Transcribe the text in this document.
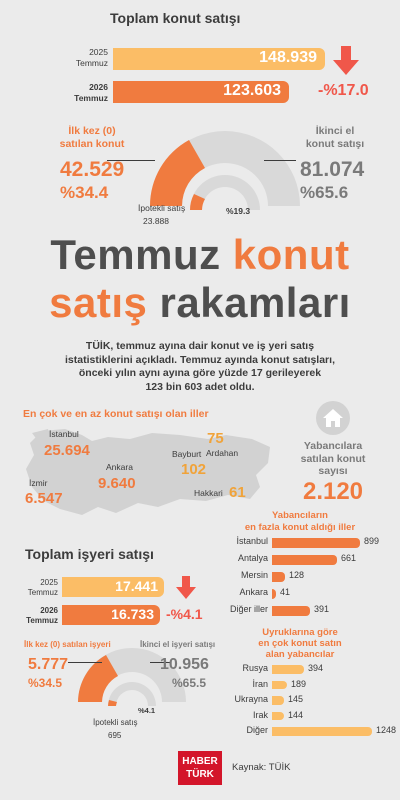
Toplam konut satışı
2025
Temmuz	148.939
2026
Temmuz	123.603 -%17.0
İlk kez (0)
satılan konut
42.529
%34.4
İkinci el
konut satışı
81.074
%65.6
İpotekli satış
23.888
%19.3
Temmuz konut
satış rakamları
TÜİK, temmuz ayına dair konut ve iş yeri satış
istatistiklerini açıkladı. Temmuz ayında konut satışları,
önceki yılın aynı ayına göre yüzde 17 gerileyerek
123 bin 603 adet oldu.
En çok ve en az konut satışı olan iller
İstanbul
25.694
Ankara
9.640
İzmir
6.547
75
Ardahan
Bayburt
102
Hakkari 61
Yabancılara
satılan konut
sayısı
2.120
Yabancıların
en fazla konut aldığı iller
İstanbul	899
Antalya	661
Mersin 128
Ankara 41
Diğer iller	391
Uyruklarına göre
en çok konut satın
alan yabancılar
Rusya	394
İran	189
Ukrayna 145
Irak 144
Diğer	1248
Toplam işyeri satışı
2025
Temmuz	17.441
2026
Temmuz	16.733 -%4.1
İlk kez (0) satılan işyeri
5.777
%34.5
İkinci el işyeri satışı
10.956
%65.5
İpotekli satış
695
%4.1
HABER
TÜRK
Kaynak: TÜİK
